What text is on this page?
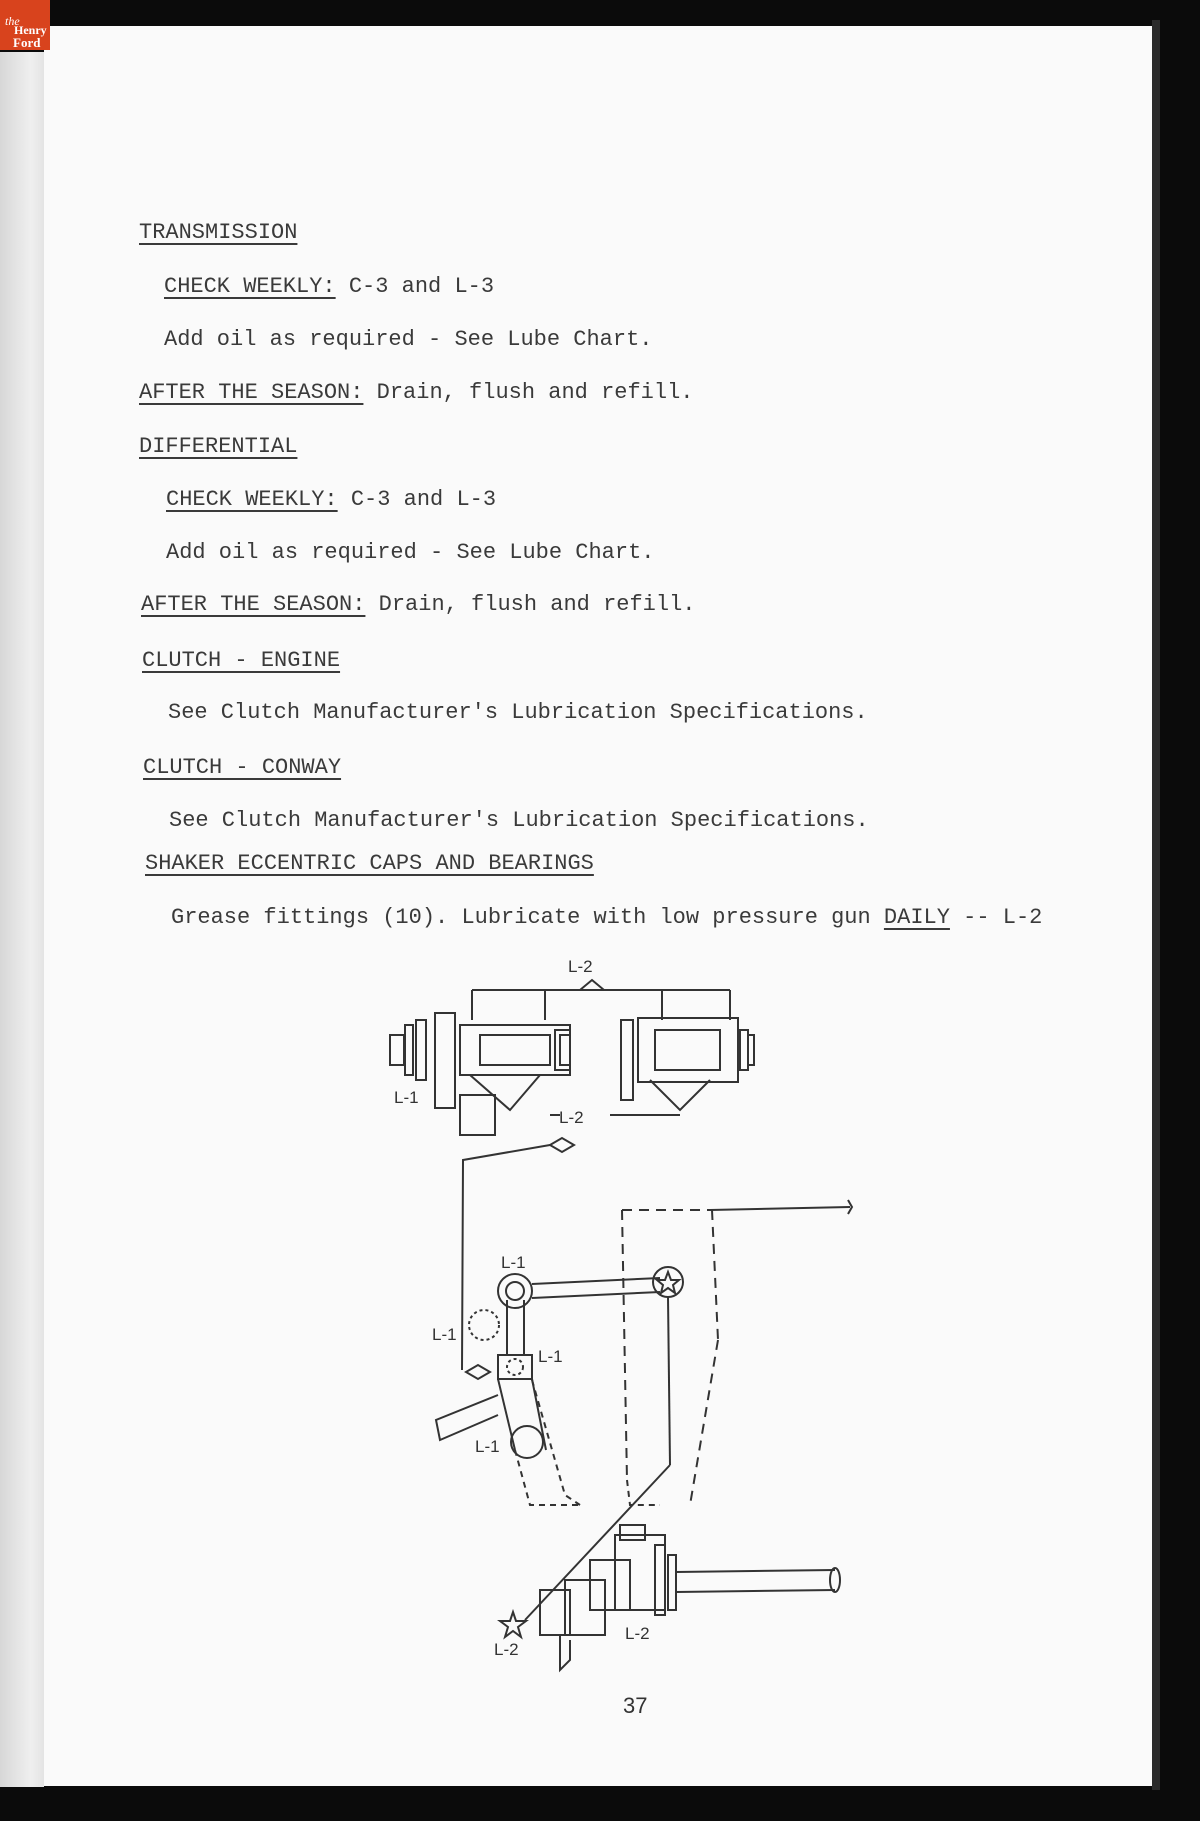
the
Henry
Ford
TRANSMISSION
CHECK WEEKLY: C-3 and L-3
Add oil as required - See Lube Chart.
AFTER THE SEASON: Drain, flush and refill.
DIFFERENTIAL
CHECK WEEKLY: C-3 and L-3
Add oil as required - See Lube Chart.
AFTER THE SEASON: Drain, flush and refill.
CLUTCH - ENGINE
See Clutch Manufacturer's Lubrication Specifications.
CLUTCH - CONWAY
See Clutch Manufacturer's Lubrication Specifications.
SHAKER ECCENTRIC CAPS AND BEARINGS
Grease fittings (10). Lubricate with low pressure gun DAILY -- L-2
L-2
L-1
L-2
L-1
L-1
L-1
L-1
L-2
L-2
37
